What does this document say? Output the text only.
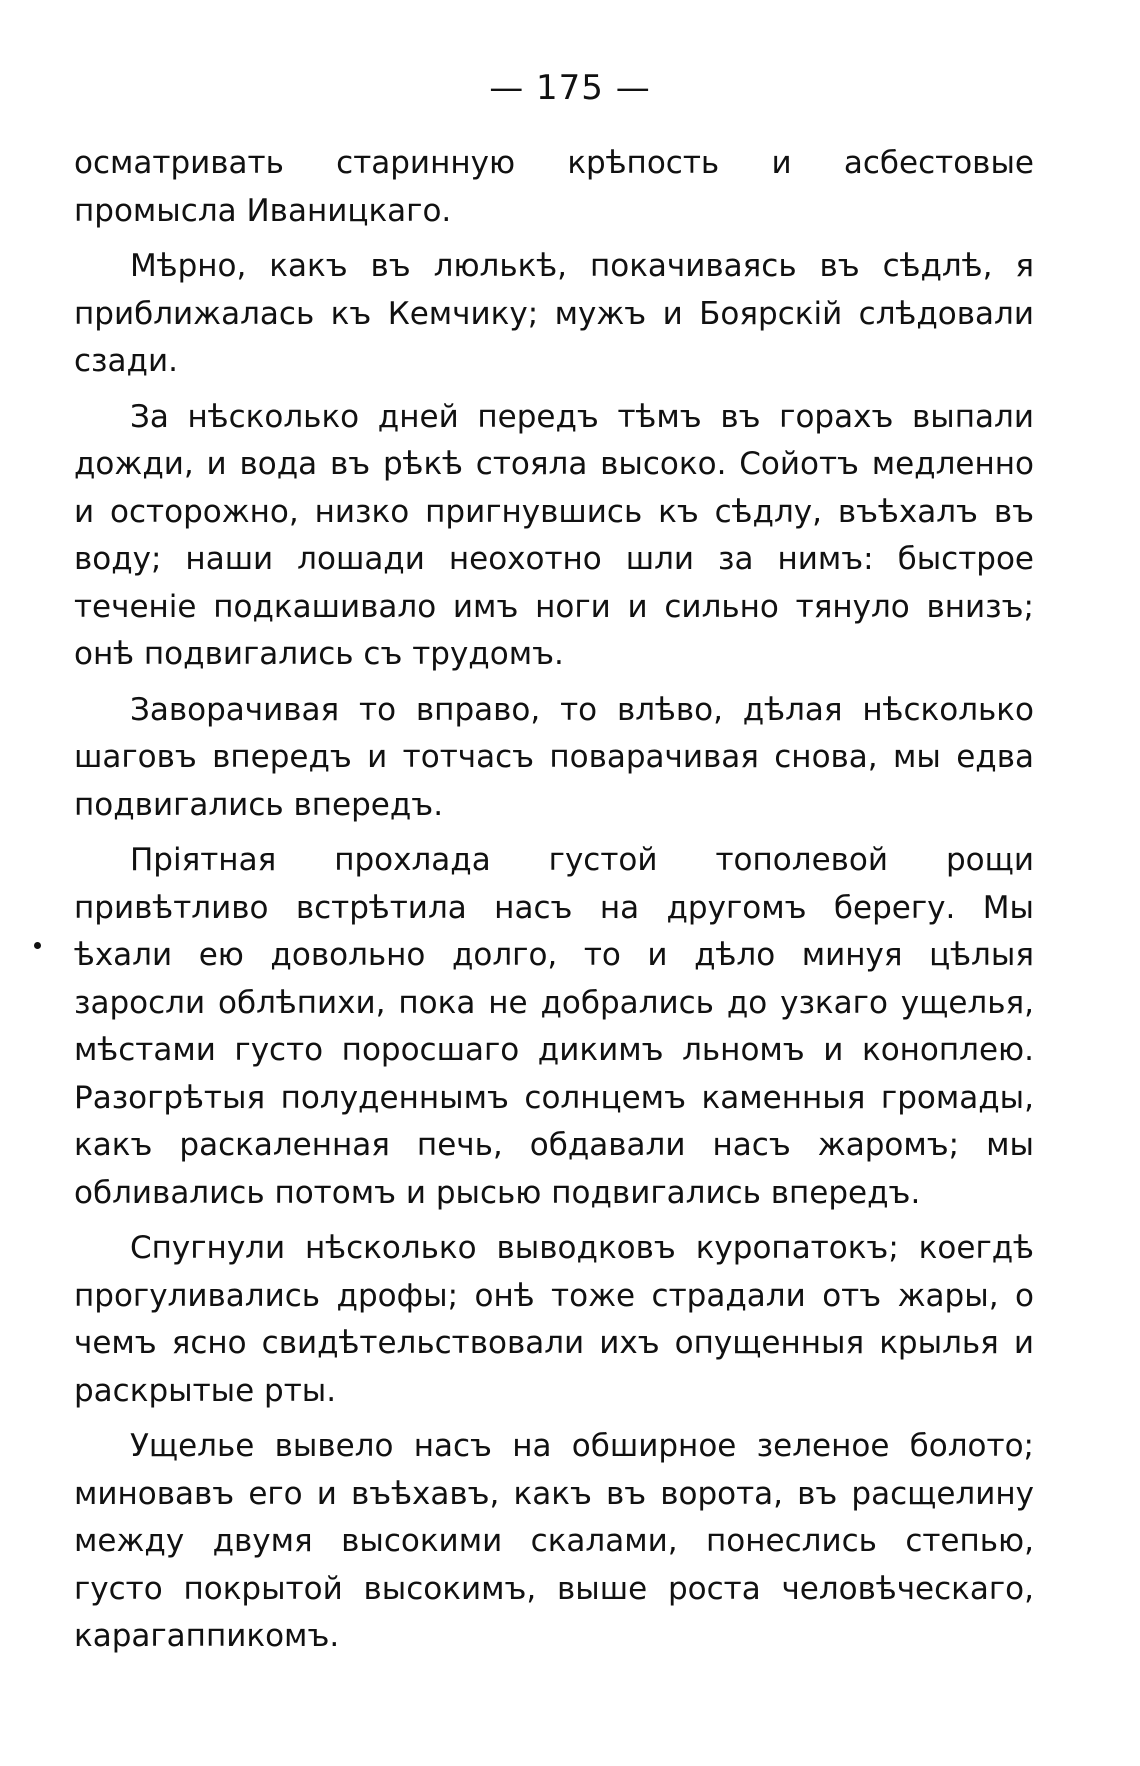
— 175 —

осматривать старинную крѣпость и асбестовые промысла Иваницкаго.

Мѣрно, какъ въ люлькѣ, покачиваясь въ сѣдлѣ, я приближалась къ Кемчику; мужъ и Боярскій слѣдовали сзади.

За нѣсколько дней передъ тѣмъ въ горахъ выпали дожди, и вода въ рѣкѣ стояла высоко. Сойотъ медленно и осторожно, низко пригнувшись къ сѣдлу, въѣхалъ въ воду; наши лошади неохотно шли за нимъ: быстрое теченіе подкашивало имъ ноги и сильно тянуло внизъ; онѣ подвигались съ трудомъ.

Заворачивая то вправо, то влѣво, дѣлая нѣсколько шаговъ впередъ и тотчасъ поварачивая снова, мы едва подвигались впередъ.

Пріятная прохлада густой тополевой рощи привѣтливо встрѣтила насъ на другомъ берегу. Мы ѣхали ею довольно долго, то и дѣло минуя цѣлыя заросли облѣпихи, пока не добрались до узкаго ущелья, мѣстами густо поросшаго дикимъ льномъ и коноплею. Разогрѣтыя полуденнымъ солнцемъ каменныя громады, какъ раскаленная печь, обдавали насъ жаромъ; мы обливались потомъ и рысью подвигались впередъ.

Спугнули нѣсколько выводковъ куропатокъ; коегдѣ прогуливались дрофы; онѣ тоже страдали отъ жары, о чемъ ясно свидѣтельствовали ихъ опущенныя крылья и раскрытые рты.

Ущелье вывело насъ на обширное зеленое болото; миновавъ его и въѣхавъ, какъ въ ворота, въ расщелину между двумя высокими скалами, понеслись степью, густо покрытой высокимъ, выше роста человѣческаго, карагаппикомъ.
